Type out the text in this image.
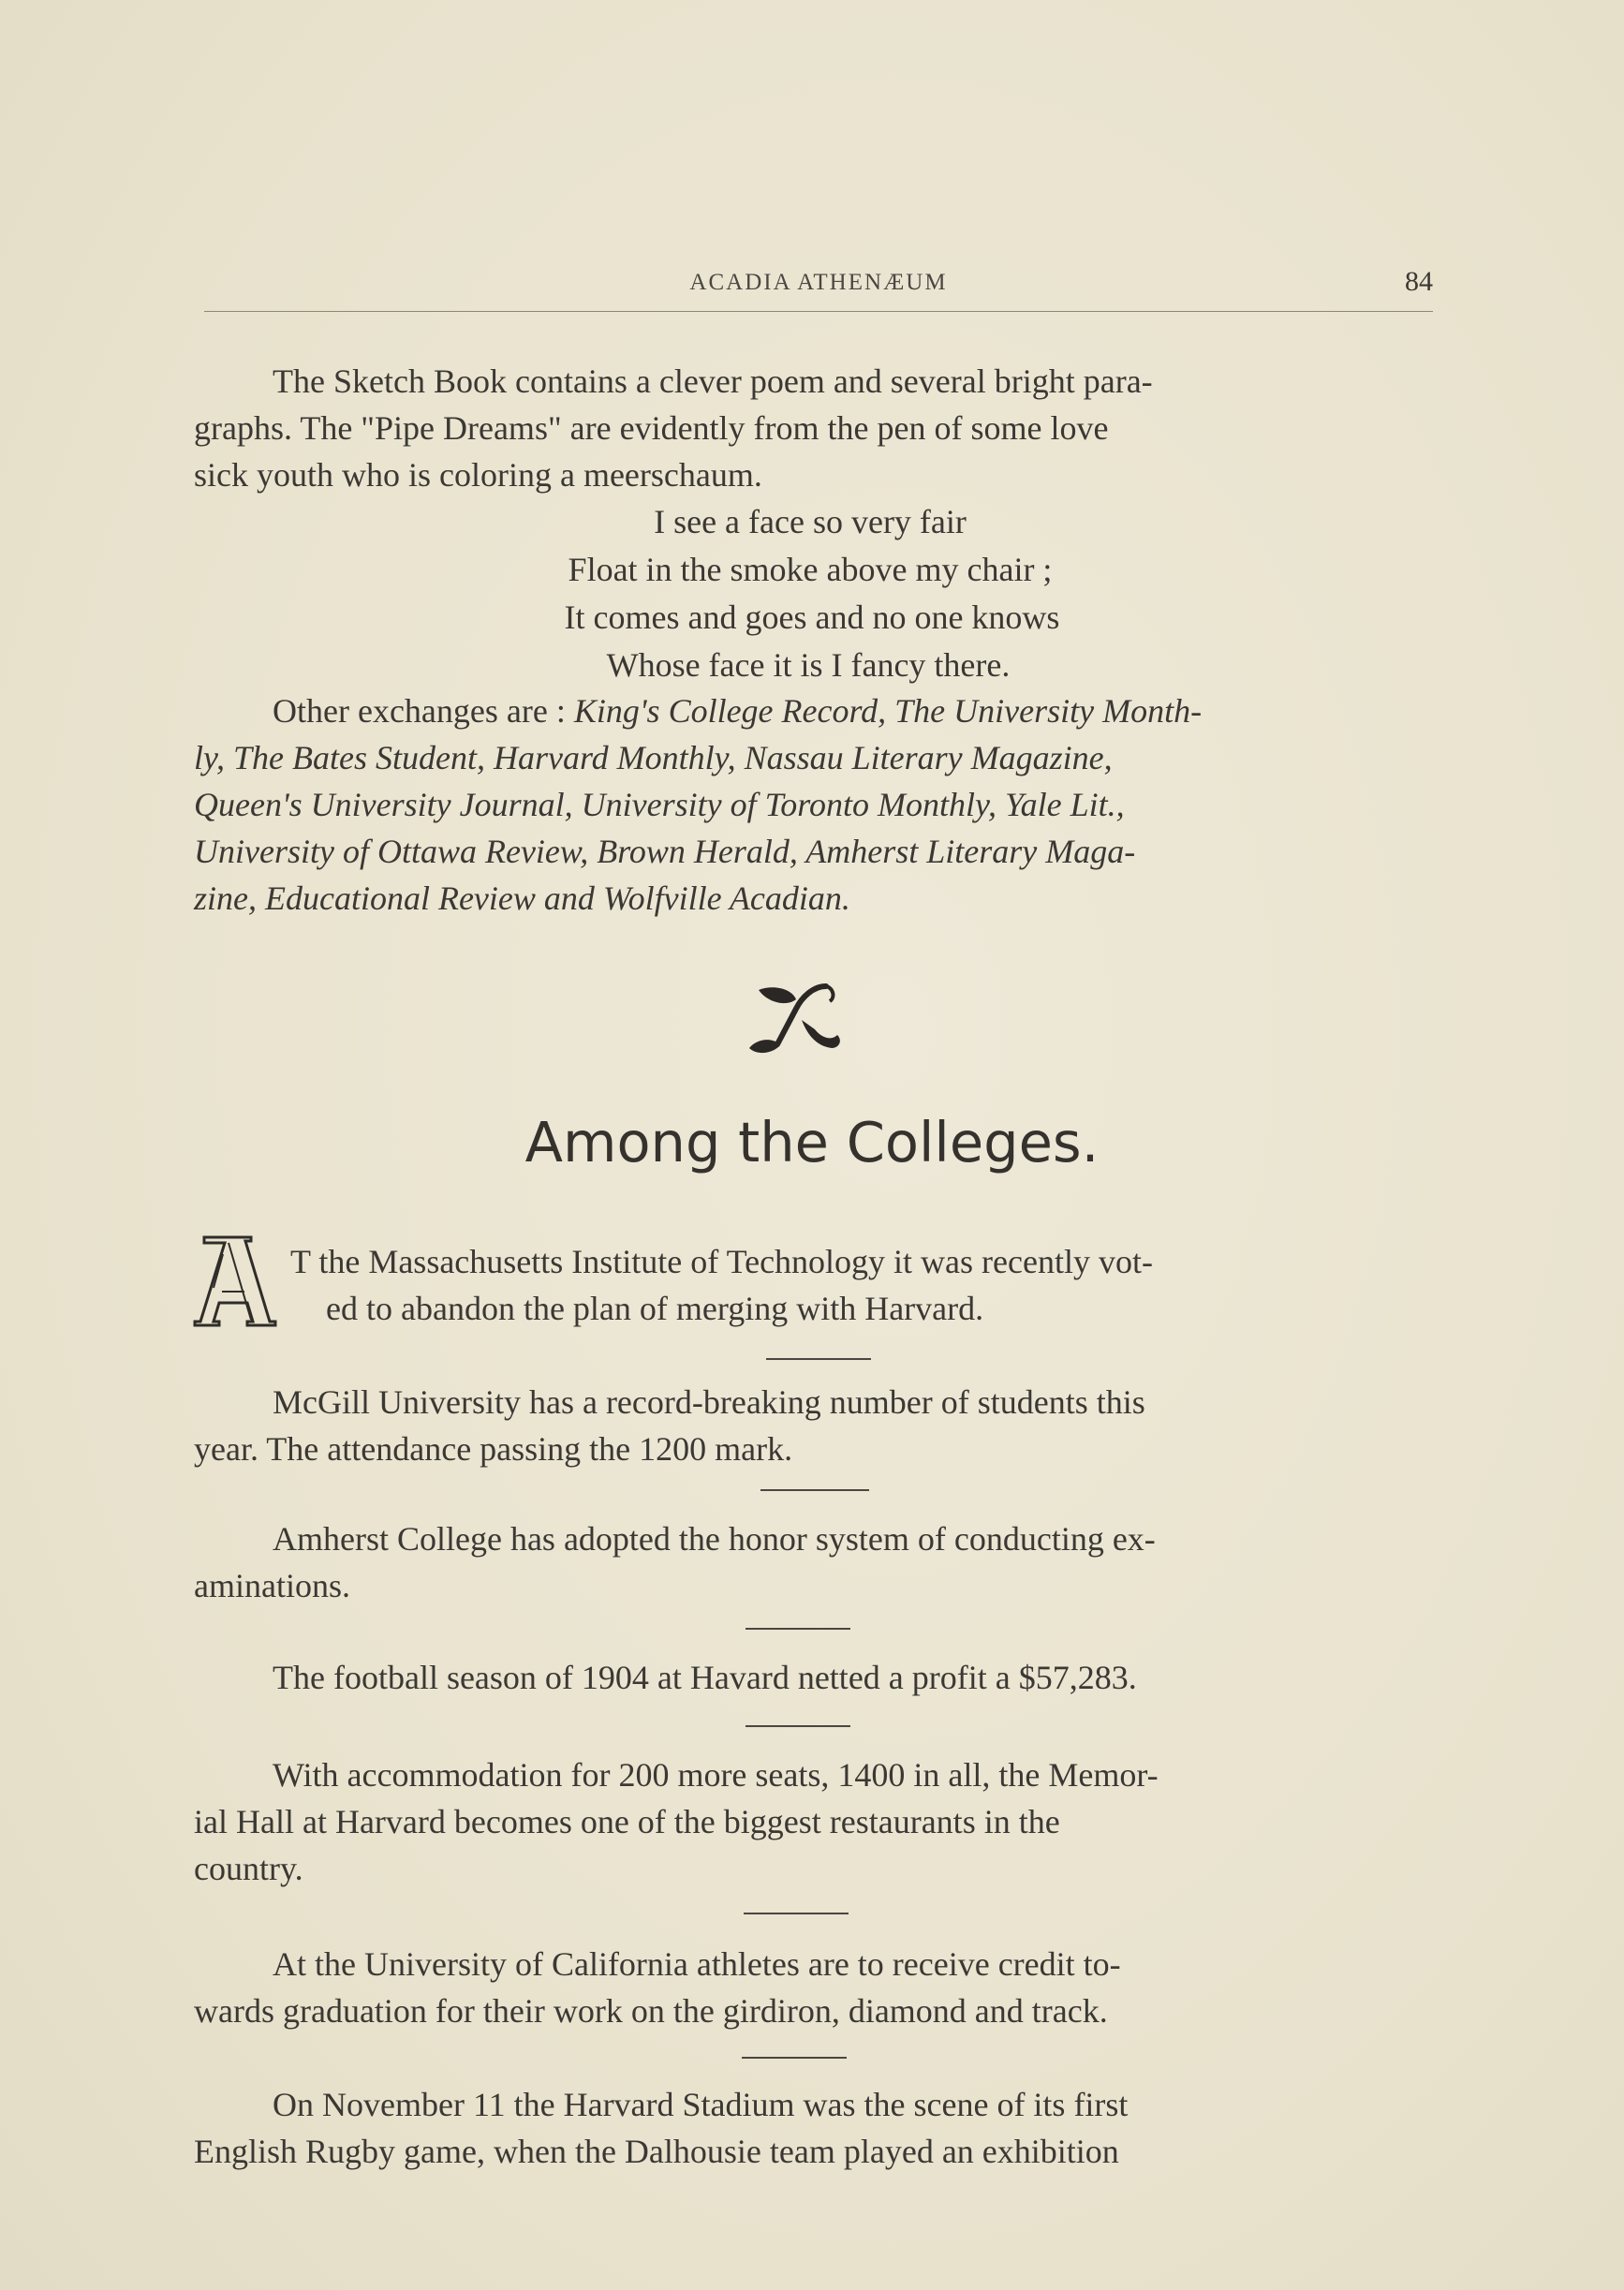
ACADIA ATHENÆUM	84
The Sketch Book contains a clever poem and several bright para-
graphs. The "Pipe Dreams" are evidently from the pen of some love
sick youth who is coloring a meerschaum.
I see a face so very fair
Float in the smoke above my chair ;
It comes and goes and no one knows
Whose face it is I fancy there.
Other exchanges are : King's College Record, The University Month-
ly, The Bates Student, Harvard Monthly, Nassau Literary Magazine,
Queen's University Journal, University of Toronto Monthly, Yale Lit.,
University of Ottawa Review, Brown Herald, Amherst Literary Maga-
zine, Educational Review and Wolfville Acadian.
Among the Colleges.
T the Massachusetts Institute of Technology it was recently vot-
ed to abandon the plan of merging with Harvard.
McGill University has a record-breaking number of students this
year. The attendance passing the 1200 mark.
Amherst College has adopted the honor system of conducting ex-
aminations.
The football season of 1904 at Havard netted a profit a $57,283.
With accommodation for 200 more seats, 1400 in all, the Memor-
ial Hall at Harvard becomes one of the biggest restaurants in the
country.
At the University of California athletes are to receive credit to-
wards graduation for their work on the girdiron, diamond and track.
On November 11 the Harvard Stadium was the scene of its first
English Rugby game, when the Dalhousie team played an exhibition
